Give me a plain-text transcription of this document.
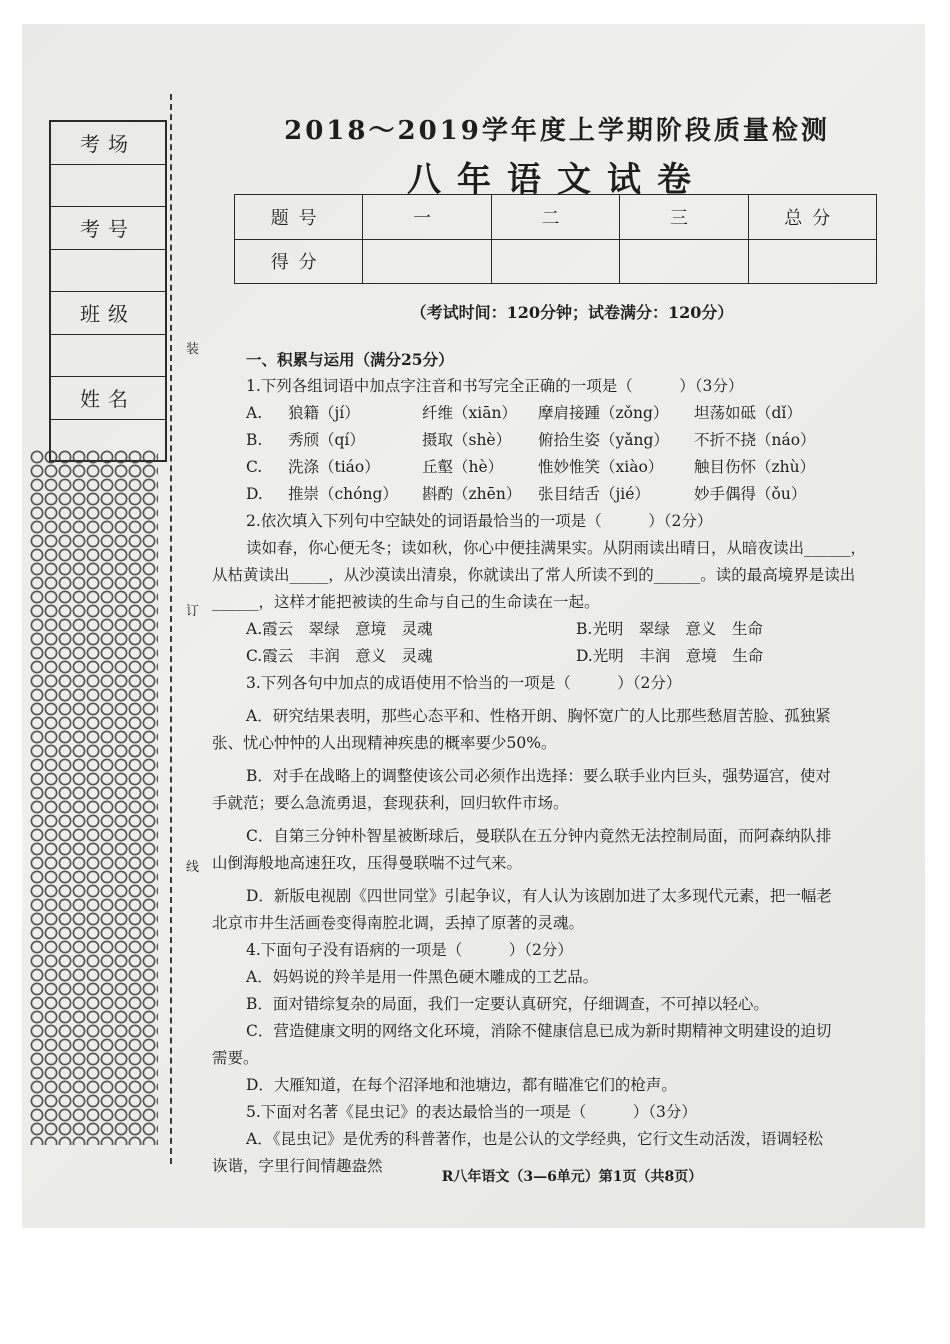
考场
考号
班级
姓名
装
订
线
2018～2019学年度上学期阶段质量检测
八年语文试卷
题号	一	二	三	总分
得分				
（考试时间：120分钟；试卷满分：120分）

一、积累与运用（满分25分）

1.下列各组词语中加点字注音和书写完全正确的一项是（　　　）（3分）

A.	狼籍（jí）	纤维（xiān）	摩肩接踵（zǒng）	坦荡如砥（dǐ）
B.	秀颀（qí）	摄取（shè）	俯拾生姿（yǎng）	不折不挠（náo）
C.	洗涤（tiáo）	丘壑（hè）	惟妙惟笑（xiào）	触目伤怀（zhù）
D.	推崇（chóng）	斟酌（zhēn）	张目结舌（jié）	妙手偶得（ǒu）

2.依次填入下列句中空缺处的词语最恰当的一项是（　　　）（2分）

读如春，你心便无冬；读如秋，你心中便挂满果实。从阴雨读出晴日，从暗夜读出______，

从枯黄读出_____，从沙漠读出清泉，你就读出了常人所读不到的______。读的最高境界是读出______，这样才能把被读的生命与自己的生命读在一起。

A.霞云　翠绿　意境　灵魂	B.光明　翠绿　意义　生命
C.霞云　丰润　意义　灵魂	D.光明　丰润　意境　生命

3.下列各句中加点的成语使用不恰当的一项是（　　　）（2分）

A．研究结果表明，那些心态平和、性格开朗、胸怀宽广的人比那些愁眉苦脸、孤独紧

张、忧心忡忡的人出现精神疾患的概率要少50%。

B．对手在战略上的调整使该公司必须作出选择：要么联手业内巨头，强势逼宫，使对

手就范；要么急流勇退，套现获利，回归软件市场。

C．自第三分钟朴智星被断球后，曼联队在五分钟内竟然无法控制局面，而阿森纳队排

山倒海般地高速狂攻，压得曼联喘不过气来。

D．新版电视剧《四世同堂》引起争议，有人认为该剧加进了太多现代元素，把一幅老

北京市井生活画卷变得南腔北调，丢掉了原著的灵魂。

4.下面句子没有语病的一项是（　　　）（2分）

A．妈妈说的羚羊是用一件黑色硬木雕成的工艺品。

B．面对错综复杂的局面，我们一定要认真研究，仔细调查，不可掉以轻心。

C．营造健康文明的网络文化环境，消除不健康信息已成为新时期精神文明建设的迫切

需要。

D．大雁知道，在每个沼泽地和池塘边，都有瞄准它们的枪声。

5.下面对名著《昆虫记》的表达最恰当的一项是（　　　）（3分）

A．《昆虫记》是优秀的科普著作，也是公认的文学经典，它行文生动活泼，语调轻松

诙谐，字里行间情趣盎然

R八年语文（3—6单元）第1页（共8页）
